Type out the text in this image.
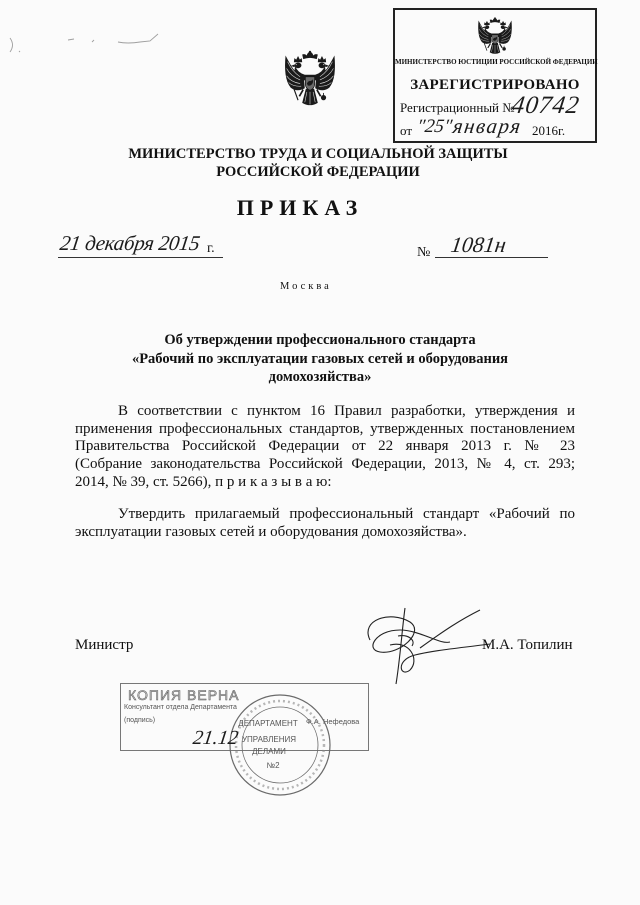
МИНИСТЕРСТВО ЮСТИЦИИ РОССИЙСКОЙ ФЕДЕРАЦИИ
ЗАРЕГИСТРИРОВАНО
Регистрационный №
40742
от "25"
января 2016г.
МИНИСТЕРСТВО ТРУДА И СОЦИАЛЬНОЙ ЗАЩИТЫ
РОССИЙСКОЙ ФЕДЕРАЦИИ
ПРИКАЗ
21 декабря 2015 г.	№ 1081н
Москва
Об утверждении профессионального стандарта
«Рабочий по эксплуатации газовых сетей и оборудования
домохозяйства»
В соответствии с пунктом 16 Правил разработки, утверждения и
применения профессиональных стандартов, утвержденных постановлением
Правительства Российской Федерации от 22 января 2013 г. № 23
(Собрание законодательства Российской Федерации, 2013, № 4, ст. 293;
2014, № 39, ст. 5266), п р и к а з ы в а ю:
Утвердить прилагаемый профессиональный стандарт «Рабочий по
эксплуатации газовых сетей и оборудования домохозяйства».
Министр	М.А. Топилин
КОПИЯ ВЕРНА
Консультант отдела Департамента
(подпись)	Ф.А. Нефедова
ДЕПАРТАМЕНТ
УПРАВЛЕНИЯ
ДЕЛАМИ
№2
21.12
